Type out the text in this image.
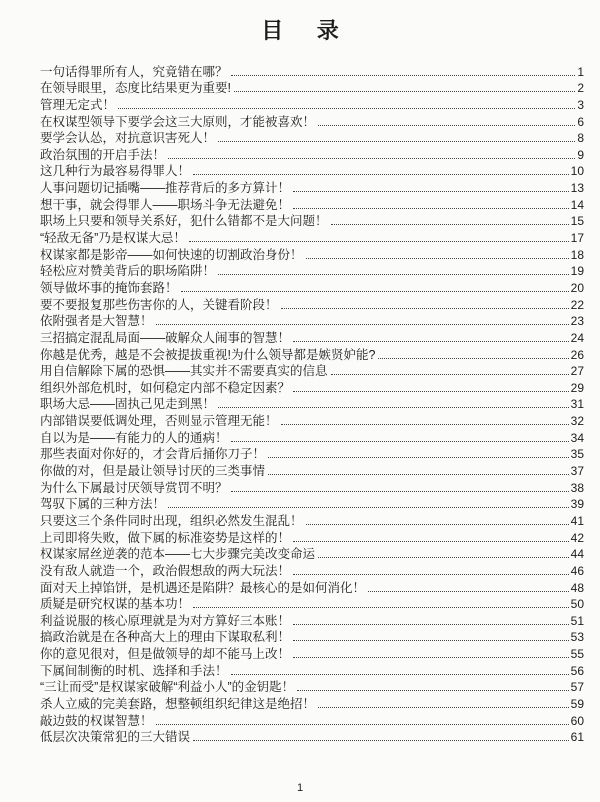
目 录
一句话得罪所有人，究竟错在哪？	1
在领导眼里，态度比结果更为重要!	2
管理无定式！	3
在权谋型领导下要学会这三大原则，才能被喜欢！	6
要学会认怂，对抗意识害死人！	8
政治氛围的开启手法！	9
这几种行为最容易得罪人！	10
人事问题切记插嘴——推荐背后的多方算计！	13
想干事，就会得罪人——职场斗争无法避免！	14
职场上只要和领导关系好，犯什么错都不是大问题！	15
“轻敌无备”乃是权谋大忌！	17
权谋家都是影帝——如何快速的切割政治身份！	18
轻松应对赞美背后的职场陷阱！	19
领导做坏事的掩饰套路！	20
要不要报复那些伤害你的人，关键看阶段！	22
依附强者是大智慧！	23
三招搞定混乱局面——破解众人闹事的智慧！	24
你越是优秀，越是不会被提拔重视!为什么领导都是嫉贤妒能?	26
用自信解除下属的恐惧——其实并不需要真实的信息	27
组织外部危机时，如何稳定内部不稳定因素？	29
职场大忌——固执己见走到黑！	31
内部错误要低调处理，否则显示管理无能！	32
自以为是——有能力的人的通病！	34
那些表面对你好的，才会背后捅你刀子！	35
你做的对，但是最让领导讨厌的三类事情	37
为什么下属最讨厌领导赏罚不明？	38
驾驭下属的三种方法！	39
只要这三个条件同时出现，组织必然发生混乱！	41
上司即将失败，做下属的标准姿势是这样的！	42
权谋家屌丝逆袭的范本——七大步骤完美改变命运	44
没有敌人就造一个，政治假想敌的两大玩法！	46
面对天上掉馅饼，是机遇还是陷阱？最核心的是如何消化！	48
质疑是研究权谋的基本功！	50
利益说服的核心原理就是为对方算好三本账！	51
搞政治就是在各种高大上的理由下谋取私利！	53
你的意见很对，但是做领导的却不能马上改！	55
下属间制衡的时机、选择和手法！	56
“三让而受”是权谋家破解“利益小人”的金钥匙！	57
杀人立威的完美套路，想整顿组织纪律这是绝招！	59
敲边鼓的权谋智慧！	60
低层次决策常犯的三大错误	61
1
